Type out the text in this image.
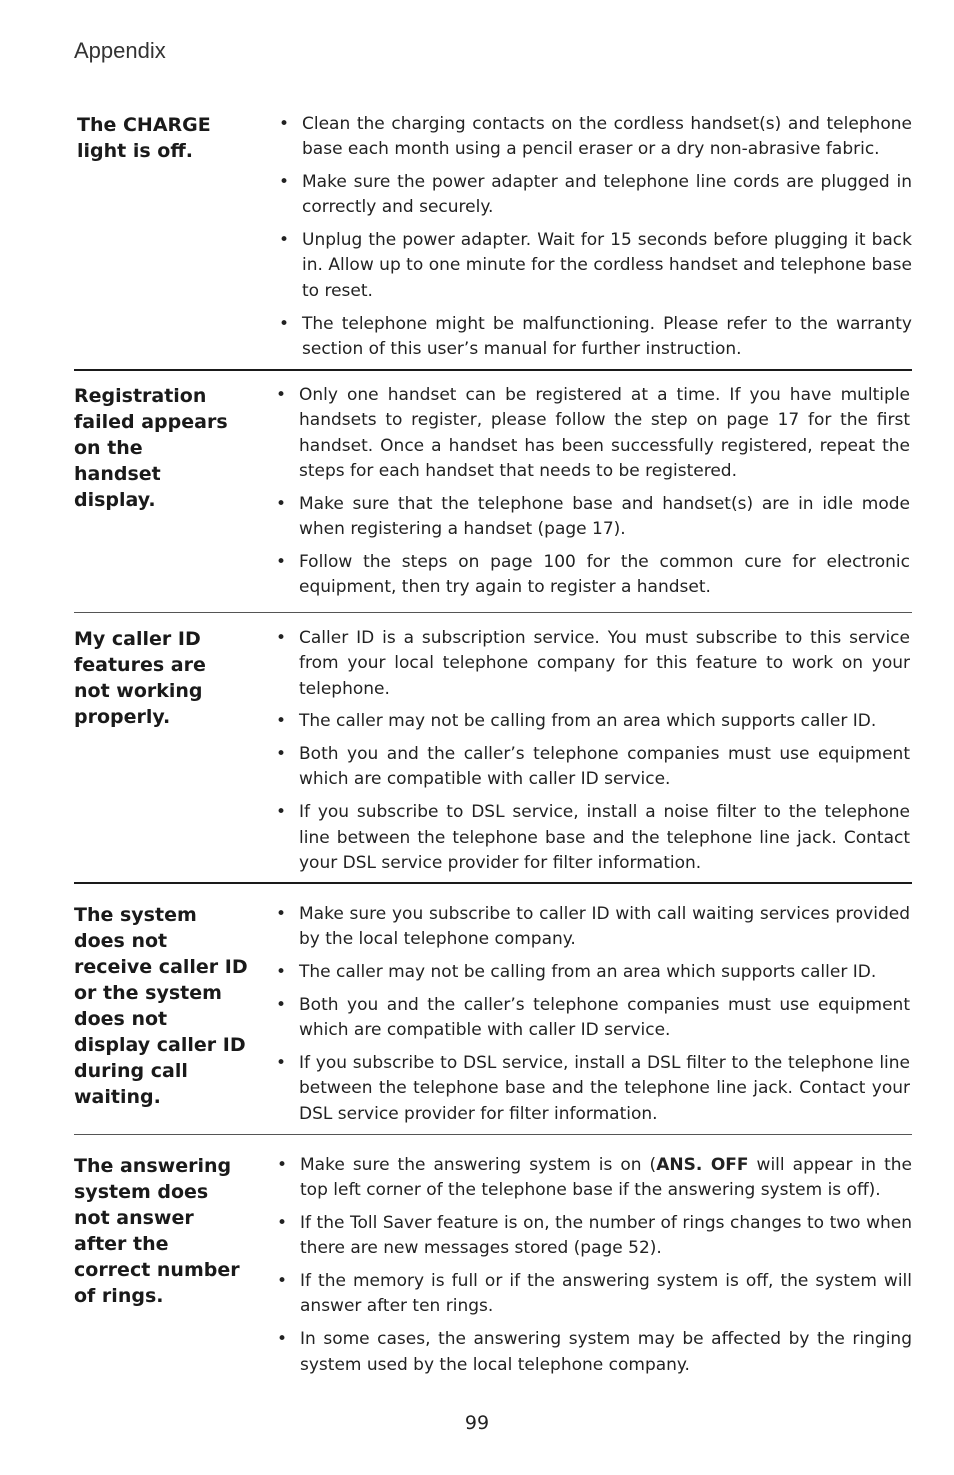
Appendix
The CHARGE light is off.
• Clean the charging contacts on the cordless handset(s) and telephone base each month using a pencil eraser or a dry non-abrasive fabric.
• Make sure the power adapter and telephone line cords are plugged in correctly and securely.
• Unplug the power adapter. Wait for 15 seconds before plugging it back in. Allow up to one minute for the cordless handset and telephone base to reset.
• The telephone might be malfunctioning. Please refer to the warranty section of this user’s manual for further instruction.
Registration failed appears on the handset display.
• Only one handset can be registered at a time. If you have multiple handsets to register, please follow the step on page 17 for the first handset. Once a handset has been successfully registered, repeat the steps for each handset that needs to be registered.
• Make sure that the telephone base and handset(s) are in idle mode when registering a handset (page 17).
• Follow the steps on page 100 for the common cure for electronic equipment, then try again to register a handset.
My caller ID features are not working properly.
• Caller ID is a subscription service. You must subscribe to this service from your local telephone company for this feature to work on your telephone.
• The caller may not be calling from an area which supports caller ID.
• Both you and the caller’s telephone companies must use equipment which are compatible with caller ID service.
• If you subscribe to DSL service, install a noise filter to the telephone line between the telephone base and the telephone line jack. Contact your DSL service provider for filter information.
The system does not receive caller ID or the system does not display caller ID during call waiting.
• Make sure you subscribe to caller ID with call waiting services provided by the local telephone company.
• The caller may not be calling from an area which supports caller ID.
• Both you and the caller’s telephone companies must use equipment which are compatible with caller ID service.
• If you subscribe to DSL service, install a DSL filter to the telephone line between the telephone base and the telephone line jack. Contact your DSL service provider for filter information.
The answering system does not answer after the correct number of rings.
• Make sure the answering system is on (ANS. OFF will appear in the top left corner of the telephone base if the answering system is off).
• If the Toll Saver feature is on, the number of rings changes to two when there are new messages stored (page 52).
• If the memory is full or if the answering system is off, the system will answer after ten rings.
• In some cases, the answering system may be affected by the ringing system used by the local telephone company.
99
